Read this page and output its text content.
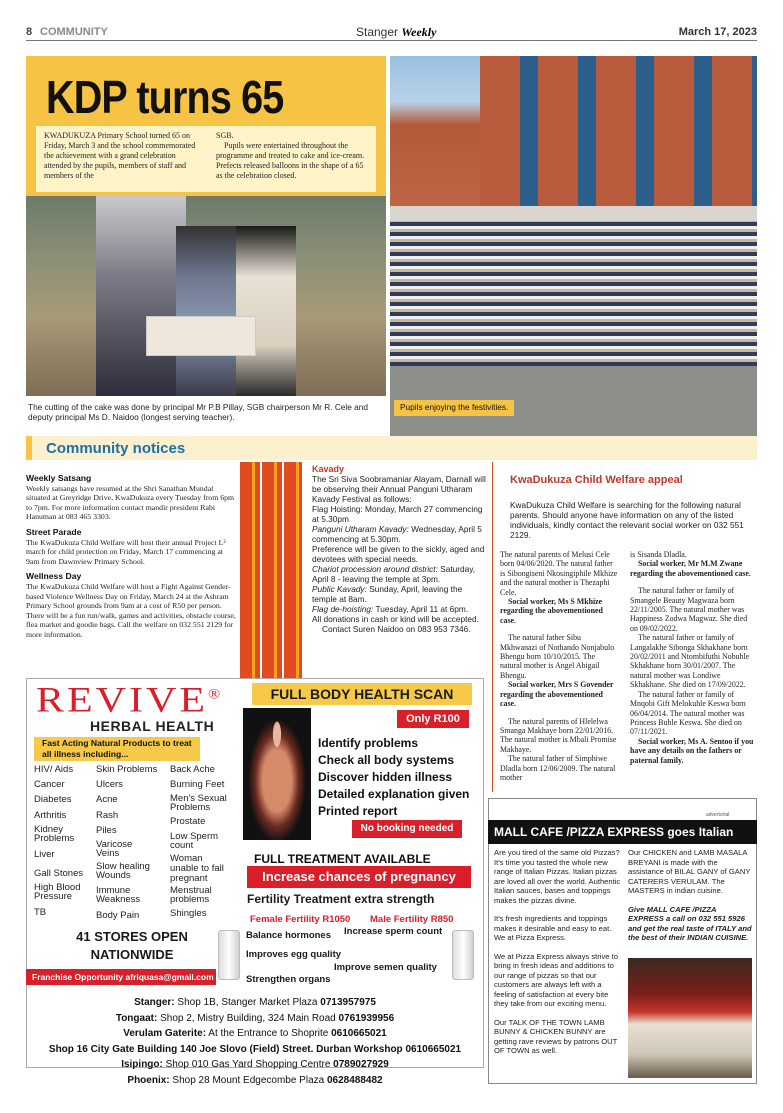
8 COMMUNITY	Stanger Weekly	March 17, 2023
KDP turns 65

KWADUKUZA Primary School turned 65 on Friday, March 3 and the school commemorated the achievement with a grand celebration attended by the pupils, members of staff and members of the

SGB.

Pupils were entertained throughout the programme and treated to cake and ice-cream. Prefects released balloons in the shape of a 65 as the celebration closed.

The cutting of the cake was done by principal Mr P.B Pillay, SGB chairperson Mr R. Cele and deputy principal Ms D. Naidoo (longest serving teacher).
Pupils enjoying the festivities.
Community notices
Weekly Satsang

Weekly satsangs have resumed at the Shri Sanathan Mundal situated at Greyridge Drive, KwaDukuza every Tuesday from 6pm to 7pm. For more information contact mandir president Rabi Hanuman at 083 465 3303.

Street Parade

The KwaDukuza Child Welfare will host their annual Project L² march for child protection on Friday, March 17 commencing at 9am from Dawnview Primary School.

Wellness Day

The KwaDukuza Child Welfare will host a Fight Against Gender-based Violence Wellness Day on Friday, March 24 at the Ashram Primary School grounds from 9am at a cost of R50 per person. There will be a fun run/walk, games and activities, obstacle course, flea market and goodie bags. Call the welfare on 032 551 2129 for more information.

Kavady

The Sri Siva Soobramaniar Alayam, Darnall will be observing their Annual Panguni Utharam Kavady Festival as follows:

Flag Hoisting: Monday, March 27 commencing at 5.30pm

Panguni Utharam Kavady: Wednesday, April 5 commencing at 5.30pm.

Preference will be given to the sickly, aged and devotees with special needs.

Chariot procession around district: Saturday, April 8 - leaving the temple at 3pm.

Public Kavady: Sunday, April, leaving the temple at 8am.

Flag de-hoisting: Tuesday, April 11 at 6pm.

All donations in cash or kind will be accepted.

Contact Suren Naidoo on 083 953 7346.

KwaDukuza Child Welfare appeal
KwaDukuza Child Welfare is searching for the following natural parents. Should anyone have information on any of the listed individuals, kindly contact the relevant social worker on 032 551 2129.

The natural parents of Melusi Cele born 04/06/2020. The natural father is Sibongiseni Nkosingiphile Mkhize and the natural mother is Thezaphi Cele.

Social worker, Ms S Mkhize regarding the abovementioned case.

The natural father Sibu Mkhwanazi of Nothando Nonjabulo Bhengu born 10/10/2015. The natural mother is Angel Abigail Bhengu.

Social worker, Mrs S Govender regarding the abovementioned case.

The natural parents of Hlelelwa Smanga Makhaye born 22/01/2016. The natural mother is Mbali Promise Makhaye.

The natural father of Simphiwe Dladla born 12/06/2009. The natural mother

is Sisanda Dladla.

Social worker, Mr M.M Zwane regarding the abovementioned case.

The natural father or family of Smangele Beauty Magwaza born 22/11/2005. The natural mother was Happiness Zodwa Magwaz. She died on 09/02/2022.

The natural father or family of Langalakhe Sibonga Skhakhane born 20/02/2011 and Ntombifuthi Nobuhle Skhakhane born 30/01/2007. The natural mother was Londiwe Skhakhane. She died on 17/09/2022.

The natural father or family of Mnqobi Gift Melokuhle Keswa born 06/04/2014. The natural mother was Princess Buhle Keswa. She died on 07/11/2021.

Social worker, Ms A. Sentoo if you have any details on the fathers or paternal family.

REVIVE®
HERBAL HEALTH
FULL BODY HEALTH SCAN
Only R100
Fast Acting Natural Products to treat all illness including...
HIV/ Aids
Cancer
Diabetes
Arthritis
Kidney Problems
Liver
Gall Stones
High Blood Pressure
TB
Skin Problems
Ulcers
Acne
Rash
Piles
Varicose Veins
Slow healing Wounds
Immune Weakness
Body Pain
Back Ache
Burning Feet
Men's Sexual Problems
Prostate
Low Sperm count
Woman unable to fall pregnant
Menstrual problems
Shingles
Identify problems
Check all body systems
Discover hidden illness
Detailed explanation given
Printed report
No booking needed
FULL TREATMENT AVAILABLE
Increase chances of pregnancy
Fertility Treatment extra strength
Female Fertility R1050 Male Fertility R850
Balance hormones Increase sperm count
Improves egg quality
Improve semen quality
Strengthen organs
41 STORES OPEN NATIONWIDE
Franchise Opportunity afriquasa@gmail.com
Stanger: Shop 1B, Stanger Market Plaza 0713957975
Tongaat: Shop 2, Mistry Building, 324 Main Road 0761939956
Verulam Gaterite: At the Entrance to Shoprite 0610665021
Shop 16 City Gate Building 140 Joe Slovo (Field) Street. Durban Workshop 0610665021
Isipingo: Shop 010 Gas Yard Shopping Centre 0789027929
Phoenix: Shop 28 Mount Edgecombe Plaza 0628488482
advertorial
MALL CAFE /PIZZA EXPRESS goes Italian

Are you tired of the same old Pizzas? It's time you tasted the whole new range of Italian Pizzas. Italian pizzas are loved all over the world. Authentic Italian sauces, bases and toppings makes the pizzas divine.

It's fresh ingredients and toppings makes it desirable and easy to eat. We at Pizza Express.

We at Pizza Express always strive to bring in fresh ideas and additions to our range of pizzas so that our customers are always left with a feeling of satisfaction at every bite they take from our exciting menu.

Our TALK OF THE TOWN LAMB BUNNY & CHICKEN BUNNY are getting rave reviews by patrons OUT OF TOWN as well.

Our CHICKEN and LAMB MASALA BREYANI is made with the assistance of BILAL GANY of GANY CATERERS VERULAM. The MASTERS in indian cuisine.

Give MALL CAFE /PIZZA EXPRESS a call on 032 551 5926 and get the real taste of ITALY and the best of their INDIAN CUISINE.
